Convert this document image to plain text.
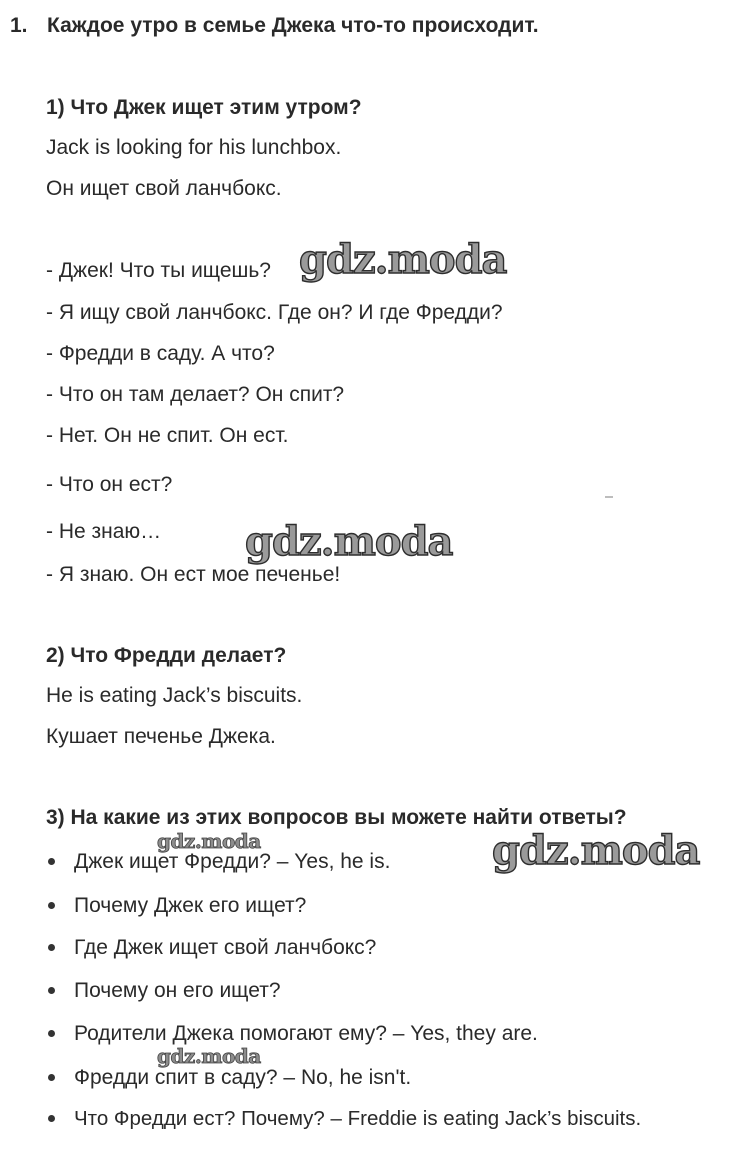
1. Каждое утро в семье Джека что-то происходит.
1) Что Джек ищет этим утром?
Jack is looking for his lunchbox.
Он ищет свой ланчбокс.
- Джек! Что ты ищешь?
- Я ищу свой ланчбокс. Где он? И где Фредди?
- Фредди в саду. А что?
- Что он там делает? Он спит?
- Нет. Он не спит. Он ест.
- Что он ест?
- Не знаю…
- Я знаю. Он ест мое печенье!
2) Что Фредди делает?
He is eating Jack’s biscuits.
Кушает печенье Джека.
3) На какие из этих вопросов вы можете найти ответы?
Джек ищет Фредди? – Yes, he is.
Почему Джек его ищет?
Где Джек ищет свой ланчбокс?
Почему он его ищет?
Родители Джека помогают ему? – Yes, they are.
Фредди спит в саду? – No, he isn't.
Что Фредди ест? Почему? – Freddie is eating Jack’s biscuits.
gdz.moda
gdz.moda
gdz.moda
gdz.moda
gdz.moda
